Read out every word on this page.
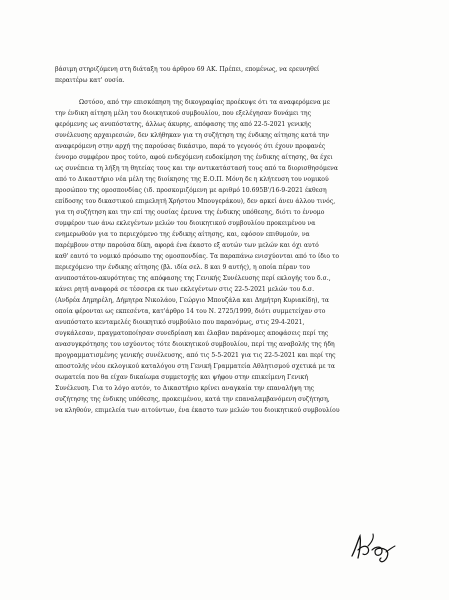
βάσιμη στηριζόμενη στη διάταξη του άρθρου 69 ΑΚ. Πρέπει, επομένως, να ερευνηθεί
περαιτέρω κατ' ουσία.
Ωστόσο, από την επισκόπηση της δικογραφίας προέκυψε ότι τα αναφερόμενα με
την ένδικη αίτηση μέλη του διοικητικού συμβουλίου, που εξελέγησαν δυνάμει της
φερόμενης ως ανυπόστατης, άλλως άκυρης, απόφασης της από 22-5-2021 γενικής
συνέλευσης αρχαιρεσιών, δεν κλήθηκαν για τη συζήτηση της ένδικης αίτησης κατά την
αναφερόμενη στην αρχή της παρούσας δικάσιμο, παρά το γεγονός ότι έχουν προφανές
έννομο συμφέρον προς τούτο, αφού ενδεχόμενη ευδοκίμηση της ένδικης αίτησης, θα έχει
ως συνέπεια τη λήξη τη θητείας τους και την αντικατάστασή τους από τα διορισθησόμενα
από το Δικαστήριο νέα μέλη της διοίκησης της Ε.Ο.Π. Μόνη δε η κλήτευση του νομικού
προσώπου της ομοσπονδίας (ιδ. προσκομιζόμενη με αριθμό 10.695Β'/16-9-2021 έκθεση
επίδοσης του δικαστικού επιμελητή Χρήστου Μπουγεράκου), δεν αρκεί άνευ άλλου τινός,
για τη συζήτηση και την επί της ουσίας έρευνα της ένδικης υπόθεσης, διότι το έννομο
συμφέρον των άνω εκλεγέντων μελών του διοικητικού συμβουλίου προκειμένου να
ενημερωθούν για το περιεχόμενο της ένδικης αίτησης, και, εφόσον επιθυμούν, να
παρέμβουν στην παρούσα δίκη, αφορά ένα έκαστο εξ αυτών των μελών και όχι αυτό
καθ' εαυτό το νομικό πρόσωπο της ομοσπονδίας. Τα παραπάνω ενισχύονται από το ίδιο το
περιεχόμενο την ένδικης αίτησης (βλ. ιδία σελ. 8 και 9 αυτής), η οποία πέραν του
ανυποστάτου-ακυρότητας της απόφασης της Γενικής Συνέλευσης περί εκλογής του δ.σ.,
κάνει ρητή αναφορά σε τέσσερα εκ των εκλεγέντων στις 22-5-2021 μελών του δ.σ.
(Ανδρέα Δημηρέλη, Δήμητρα Νικολάου, Γεώργιο Μπουζάλα και Δημήτρη Κυριακίδη), τα
οποία φέρονται ως εκπεσέντα, κατ'άρθρο 14 του Ν. 2725/1999, διότι συμμετείχαν στο
ανυπόστατο κενταμελές διοικητικό συμβούλιο που παρανόμως, στις 29-4-2021,
συγκάλεσαν, πραγματοποίησαν συνεδρίαση και έλαβαν παράνομες αποφάσεις περί της
ανασυγκρότησης του ισχύοντος τότε διοικητικού συμβουλίου, περί της αναβολής της ήδη
προγραμματισμένης γενικής συνέλευσης, από τις 5-5-2021 για τις 22-5-2021 και περί της
αποστολής νέου εκλογικού καταλόγου στη Γενική Γραμματεία Αθλητισμού σχετικά με τα
σωματεία που θα είχαν δικαίωμα συμμετοχής και ψήφου στην επικείμενη Γενική
Συνέλευση. Για το λόγο αυτόν, το Δικαστήριο κρίνει αναγκαία την επαναλήψη της
συζήτησης της ένδικης υπόθεσης, προκειμένου, κατά την επαναλαμβανόμενη συζήτηση,
να κληθούν, επιμελεία των αιτούντων, ένα έκαστο των μελών του διοικητικού συμβουλίου
